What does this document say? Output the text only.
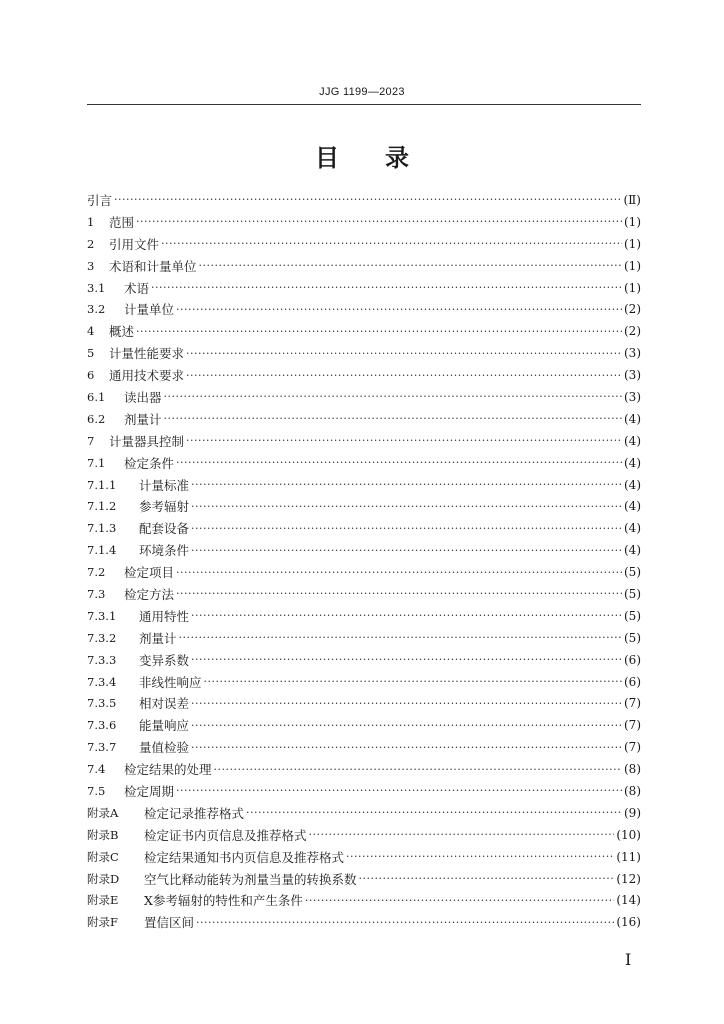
JJG 1199—2023
目 录
引言 ·····	(Ⅱ)
1	范围 ·····	(1)
2	引用文件 ·····	(1)
3	术语和计量单位 ·····	(1)
3.1	术语 ·····	(1)
3.2	计量单位 ·····	(2)
4	概述 ·····	(2)
5	计量性能要求 ·····	(3)
6	通用技术要求 ·····	(3)
6.1	读出器 ·····	(3)
6.2	剂量计 ·····	(4)
7	计量器具控制 ·····	(4)
7.1	检定条件 ·····	(4)
7.1.1	计量标准 ·····	(4)
7.1.2	参考辐射 ·····	(4)
7.1.3	配套设备 ·····	(4)
7.1.4	环境条件 ·····	(4)
7.2	检定项目 ·····	(5)
7.3	检定方法 ·····	(5)
7.3.1	通用特性 ·····	(5)
7.3.2	剂量计 ·····	(5)
7.3.3	变异系数 ·····	(6)
7.3.4	非线性响应 ·····	(6)
7.3.5	相对误差 ·····	(7)
7.3.6	能量响应 ·····	(7)
7.3.7	量值检验 ·····	(7)
7.4	检定结果的处理 ·····	(8)
7.5	检定周期 ·····	(8)
附录A	检定记录推荐格式 ·····	(9)
附录B	检定证书内页信息及推荐格式 ·····	(10)
附录C	检定结果通知书内页信息及推荐格式 ·····	(11)
附录D	空气比释动能转为剂量当量的转换系数 ·····	(12)
附录E	X参考辐射的特性和产生条件 ·····	(14)
附录F	置信区间 ·····	(16)
I
